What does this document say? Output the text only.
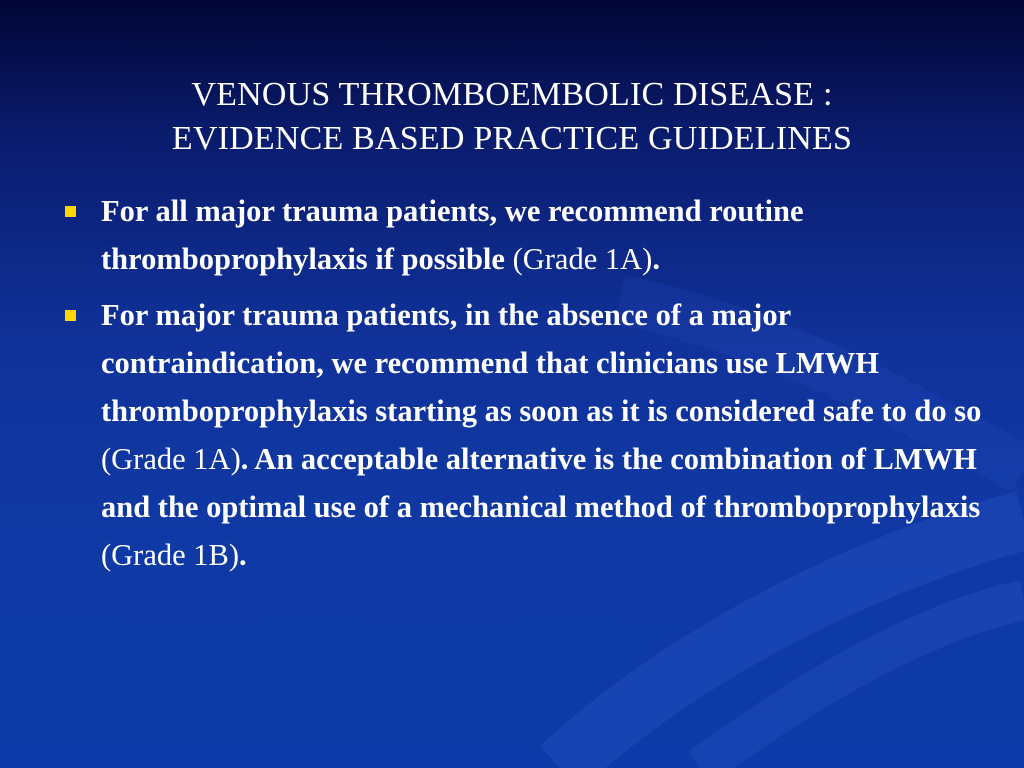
VENOUS THROMBOEMBOLIC DISEASE :
EVIDENCE BASED PRACTICE GUIDELINES
For all major trauma patients, we recommend routine thromboprophylaxis if possible (Grade 1A).
For major trauma patients, in the absence of a major contraindication, we recommend that clinicians use LMWH thromboprophylaxis starting as soon as it is considered safe to do so (Grade 1A). An acceptable alternative is the combination of LMWH and the optimal use of a mechanical method of thromboprophylaxis (Grade 1B).
